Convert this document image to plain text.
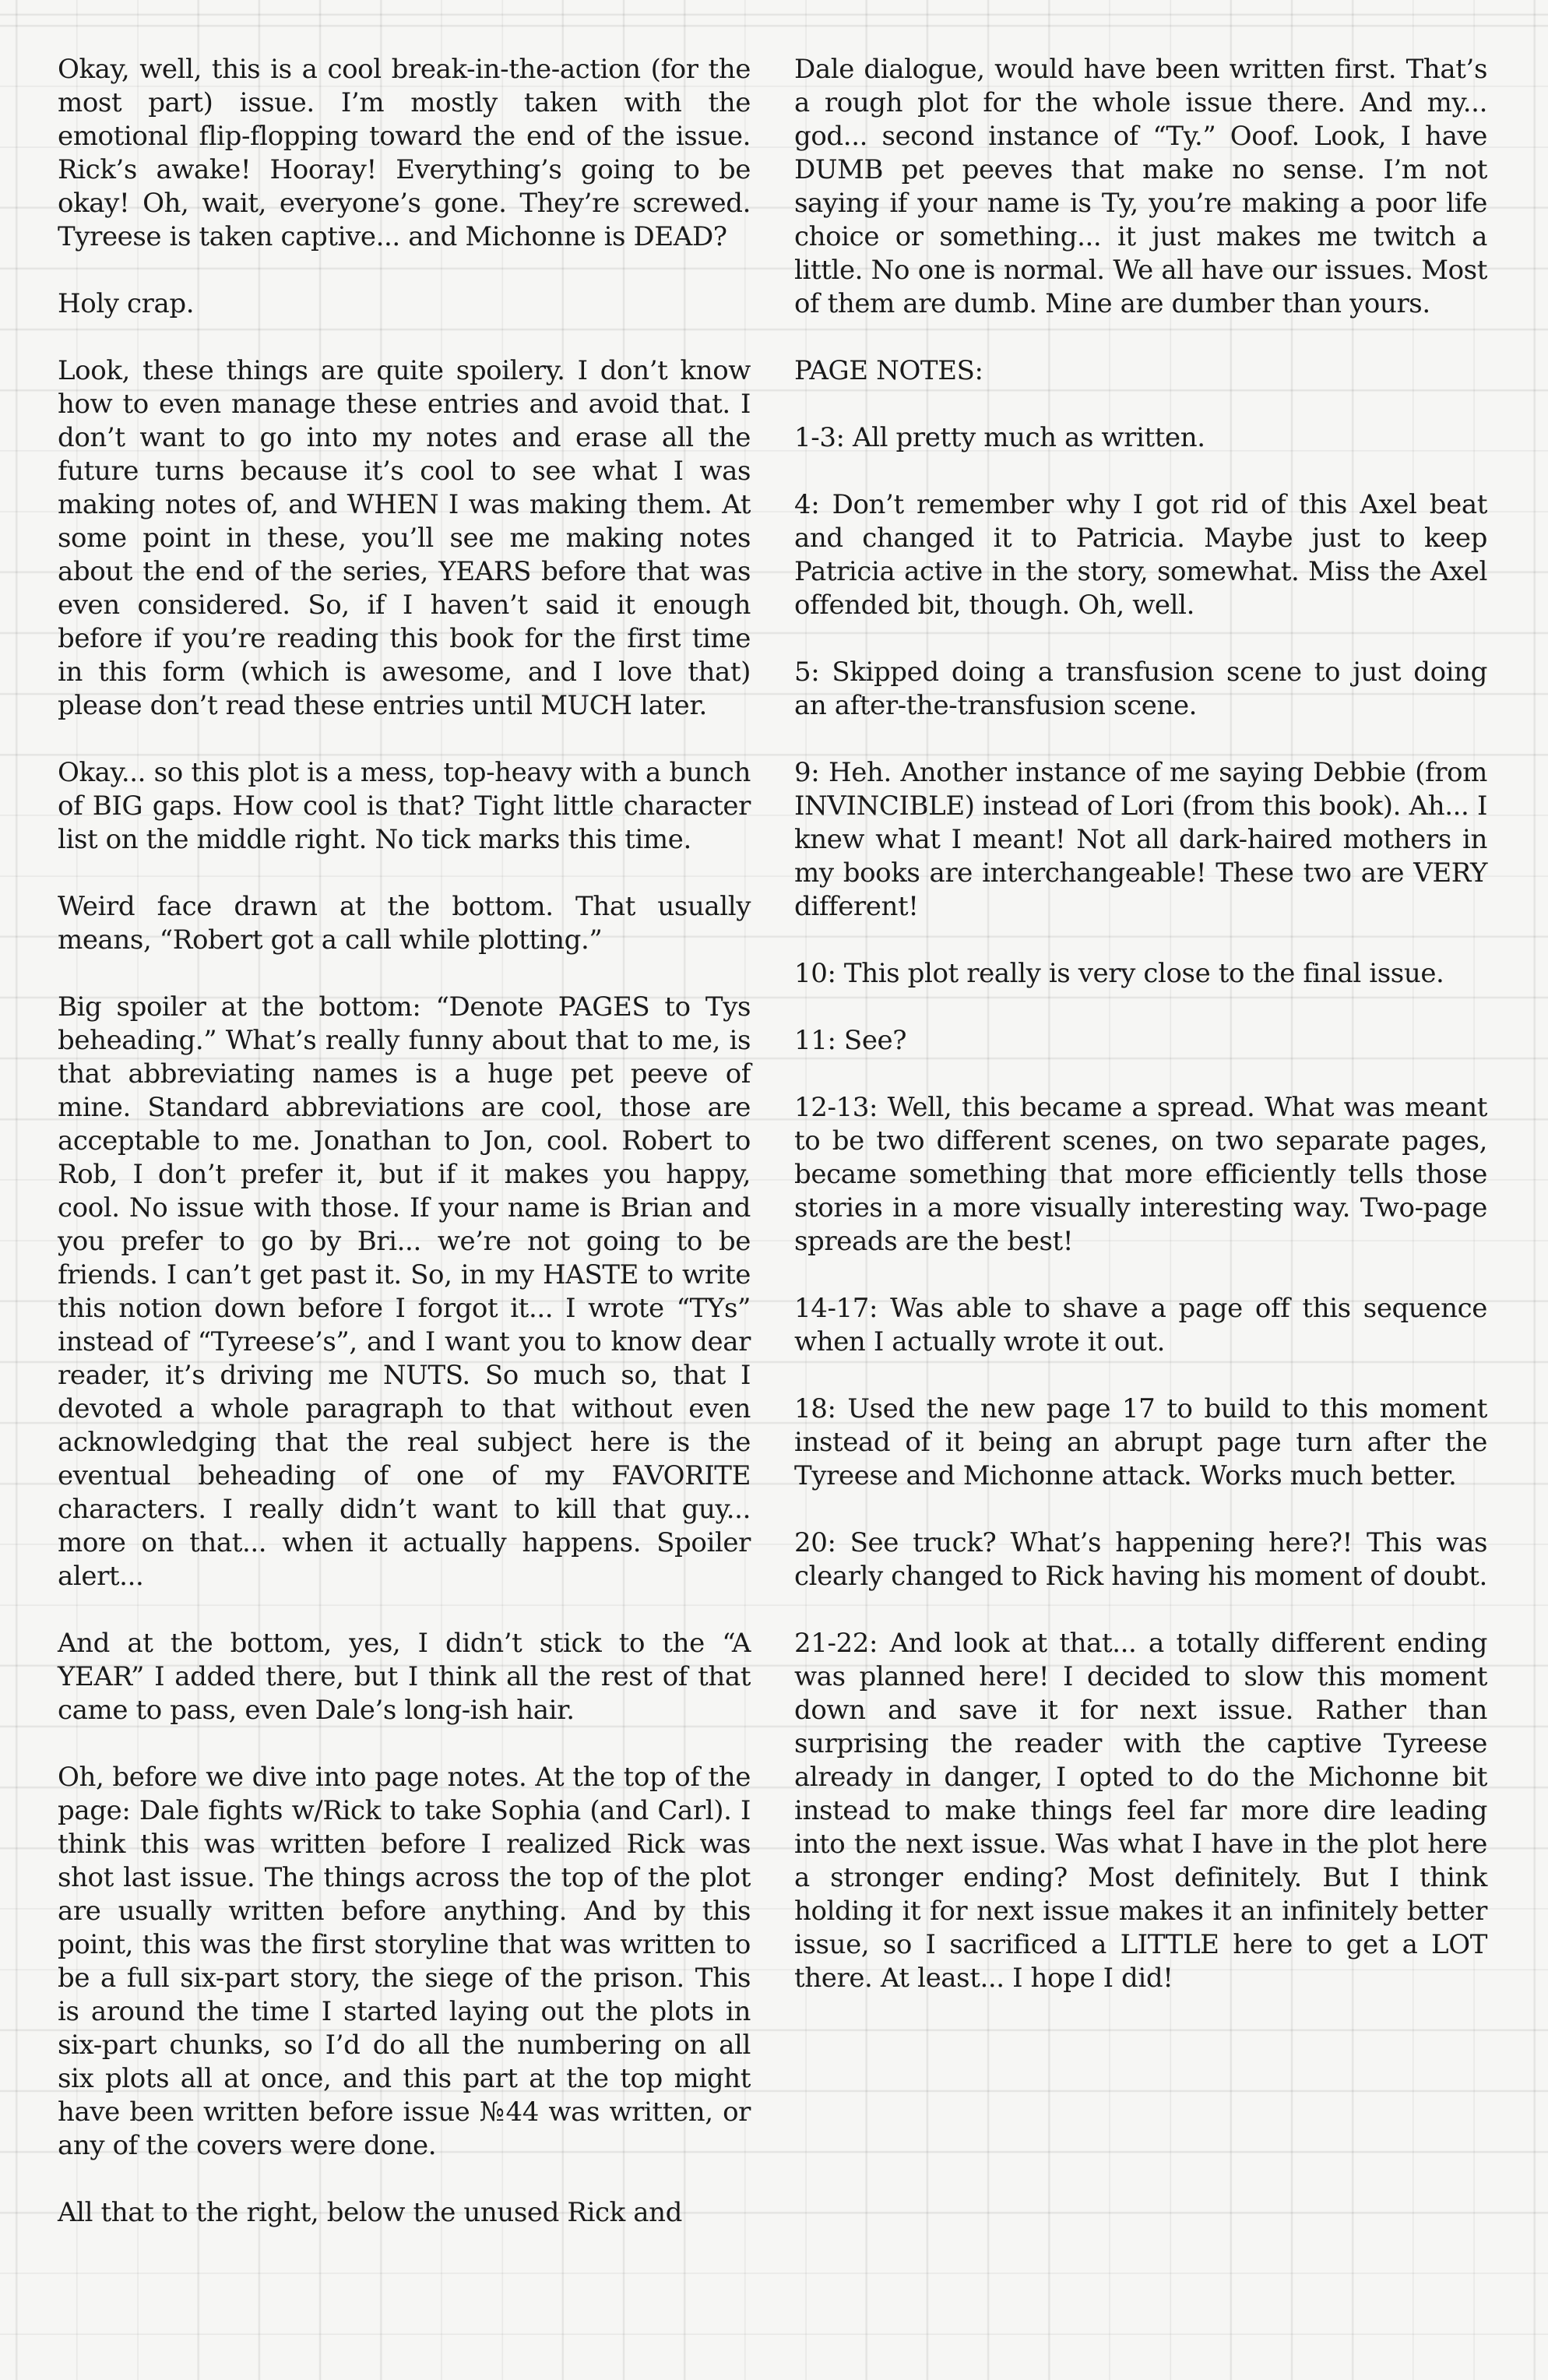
Okay, well, this is a cool break-in-the-action (for the most part) issue. I’m mostly taken with the emotional flip-flopping toward the end of the issue. Rick’s awake! Hooray! Everything’s going to be okay! Oh, wait, everyone’s gone. They’re screwed. Tyreese is taken captive... and Michonne is DEAD?

Holy crap.

Look, these things are quite spoilery. I don’t know how to even manage these entries and avoid that. I don’t want to go into my notes and erase all the future turns because it’s cool to see what I was making notes of, and WHEN I was making them. At some point in these, you’ll see me making notes about the end of the series, YEARS before that was even considered. So, if I haven’t said it enough before if you’re reading this book for the first time in this form (which is awesome, and I love that) please don’t read these entries until MUCH later.

Okay... so this plot is a mess, top-heavy with a bunch of BIG gaps. How cool is that? Tight little character list on the middle right. No tick marks this time.

Weird face drawn at the bottom. That usually means, “Robert got a call while plotting.”

Big spoiler at the bottom: “Denote PAGES to Tys beheading.” What’s really funny about that to me, is that abbreviating names is a huge pet peeve of mine. Standard abbreviations are cool, those are acceptable to me. Jonathan to Jon, cool. Robert to Rob, I don’t prefer it, but if it makes you happy, cool. No issue with those. If your name is Brian and you prefer to go by Bri... we’re not going to be friends. I can’t get past it. So, in my HASTE to write this notion down before I forgot it... I wrote “TYs” instead of “Tyreese’s”, and I want you to know dear reader, it’s driving me NUTS. So much so, that I devoted a whole paragraph to that without even acknowledging that the real subject here is the eventual beheading of one of my FAVORITE characters. I really didn’t want to kill that guy... more on that... when it actually happens. Spoiler alert...

And at the bottom, yes, I didn’t stick to the “A YEAR” I added there, but I think all the rest of that came to pass, even Dale’s long-ish hair.

Oh, before we dive into page notes. At the top of the page: Dale fights w/Rick to take Sophia (and Carl). I think this was written before I realized Rick was shot last issue. The things across the top of the plot are usually written before anything. And by this point, this was the first storyline that was written to be a full six-part story, the siege of the prison. This is around the time I started laying out the plots in six-part chunks, so I’d do all the numbering on all six plots all at once, and this part at the top might have been written before issue №44 was written, or any of the covers were done.

All that to the right, below the unused Rick and

Dale dialogue, would have been written first. That’s a rough plot for the whole issue there. And my... god... second instance of “Ty.” Ooof. Look, I have DUMB pet peeves that make no sense. I’m not saying if your name is Ty, you’re making a poor life choice or something... it just makes me twitch a little. No one is normal. We all have our issues. Most of them are dumb. Mine are dumber than yours.

PAGE NOTES:

1-3: All pretty much as written.

4: Don’t remember why I got rid of this Axel beat and changed it to Patricia. Maybe just to keep Patricia active in the story, somewhat. Miss the Axel offended bit, though. Oh, well.

5: Skipped doing a transfusion scene to just doing an after-the-transfusion scene.

9: Heh. Another instance of me saying Debbie (from INVINCIBLE) instead of Lori (from this book). Ah... I knew what I meant! Not all dark-haired mothers in my books are interchangeable! These two are VERY different!

10: This plot really is very close to the final issue.

11: See?

12-13: Well, this became a spread. What was meant to be two different scenes, on two separate pages, became something that more efficiently tells those stories in a more visually interesting way. Two-page spreads are the best!

14-17: Was able to shave a page off this sequence when I actually wrote it out.

18: Used the new page 17 to build to this moment instead of it being an abrupt page turn after the Tyreese and Michonne attack. Works much better.

20: See truck? What’s happening here?! This was clearly changed to Rick having his moment of doubt.

21-22: And look at that... a totally different ending was planned here! I decided to slow this moment down and save it for next issue. Rather than surprising the reader with the captive Tyreese already in danger, I opted to do the Michonne bit instead to make things feel far more dire leading into the next issue. Was what I have in the plot here a stronger ending? Most definitely. But I think holding it for next issue makes it an infinitely better issue, so I sacrificed a LITTLE here to get a LOT there. At least... I hope I did!
